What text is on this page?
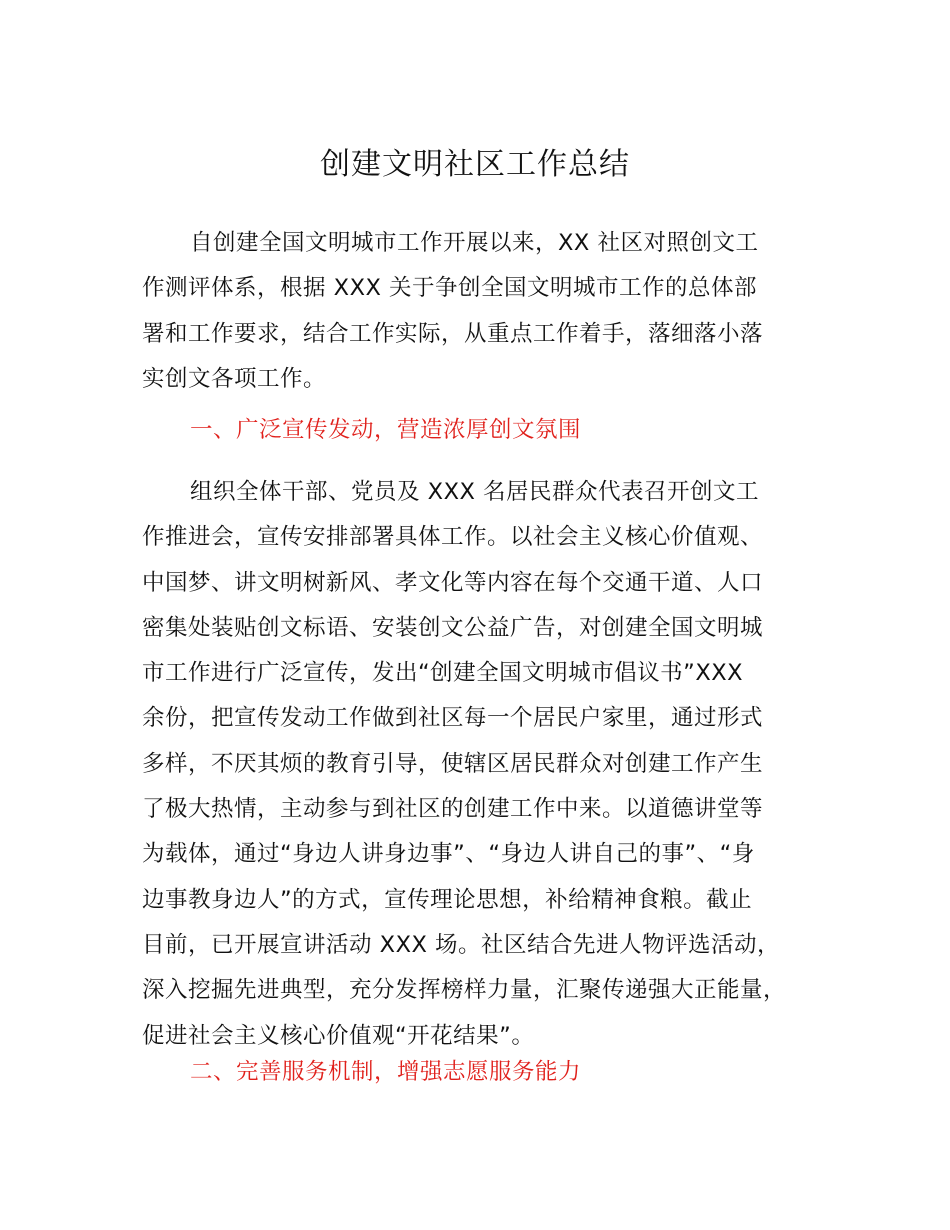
创建文明社区工作总结
自创建全国文明城市工作开展以来，XX 社区对照创文工
作测评体系，根据 XXX 关于争创全国文明城市工作的总体部
署和工作要求，结合工作实际，从重点工作着手，落细落小落
实创文各项工作。
一、广泛宣传发动，营造浓厚创文氛围
组织全体干部、党员及 XXX 名居民群众代表召开创文工
作推进会，宣传安排部署具体工作。以社会主义核心价值观、
中国梦、讲文明树新风、孝文化等内容在每个交通干道、人口
密集处装贴创文标语、安装创文公益广告，对创建全国文明城
市工作进行广泛宣传，发出“创建全国文明城市倡议书”XXX
余份，把宣传发动工作做到社区每一个居民户家里，通过形式
多样，不厌其烦的教育引导，使辖区居民群众对创建工作产生
了极大热情，主动参与到社区的创建工作中来。以道德讲堂等
为载体，通过“身边人讲身边事”、“身边人讲自己的事”、“身
边事教身边人”的方式，宣传理论思想，补给精神食粮。截止
目前，已开展宣讲活动 XXX 场。社区结合先进人物评选活动，
深入挖掘先进典型，充分发挥榜样力量，汇聚传递强大正能量，
促进社会主义核心价值观“开花结果”。
二、完善服务机制，增强志愿服务能力
